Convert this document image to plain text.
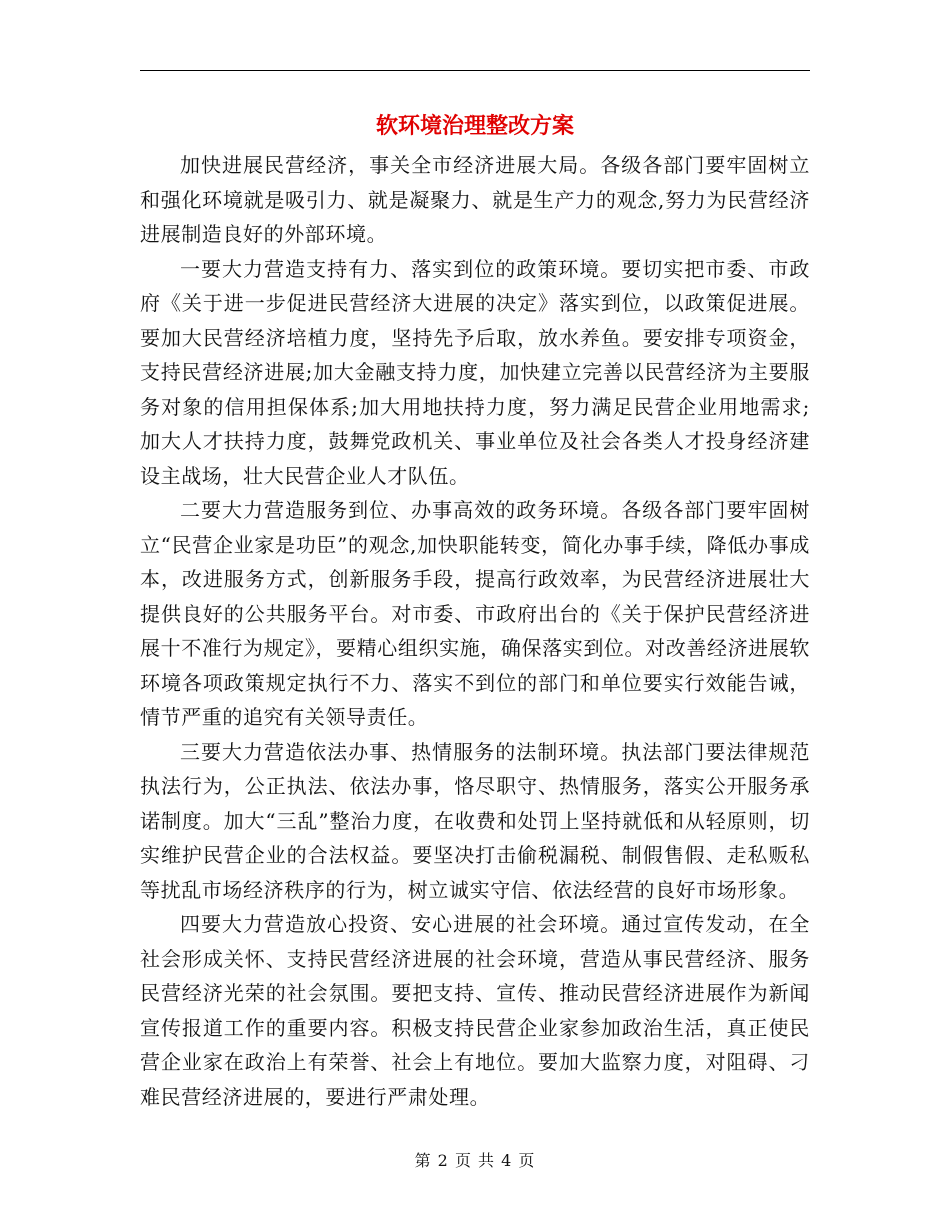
软环境治理整改方案

加快进展民营经济，事关全市经济进展大局。各级各部门要牢固树立和强化环境就是吸引力、就是凝聚力、就是生产力的观念,努力为民营经济进展制造良好的外部环境。

一要大力营造支持有力、落实到位的政策环境。要切实把市委、市政府《关于进一步促进民营经济大进展的决定》落实到位，以政策促进展。要加大民营经济培植力度，坚持先予后取，放水养鱼。要安排专项资金，支持民营经济进展;加大金融支持力度，加快建立完善以民营经济为主要服务对象的信用担保体系;加大用地扶持力度，努力满足民营企业用地需求;加大人才扶持力度，鼓舞党政机关、事业单位及社会各类人才投身经济建设主战场，壮大民营企业人才队伍。

二要大力营造服务到位、办事高效的政务环境。各级各部门要牢固树立“民营企业家是功臣”的观念,加快职能转变，简化办事手续，降低办事成本，改进服务方式，创新服务手段，提高行政效率，为民营经济进展壮大提供良好的公共服务平台。对市委、市政府出台的《关于保护民营经济进展十不准行为规定》，要精心组织实施，确保落实到位。对改善经济进展软环境各项政策规定执行不力、落实不到位的部门和单位要实行效能告诫，情节严重的追究有关领导责任。

三要大力营造依法办事、热情服务的法制环境。执法部门要法律规范执法行为，公正执法、依法办事，恪尽职守、热情服务，落实公开服务承诺制度。加大“三乱”整治力度，在收费和处罚上坚持就低和从轻原则，切实维护民营企业的合法权益。要坚决打击偷税漏税、制假售假、走私贩私等扰乱市场经济秩序的行为，树立诚实守信、依法经营的良好市场形象。

四要大力营造放心投资、安心进展的社会环境。通过宣传发动，在全社会形成关怀、支持民营经济进展的社会环境，营造从事民营经济、服务民营经济光荣的社会氛围。要把支持、宣传、推动民营经济进展作为新闻宣传报道工作的重要内容。积极支持民营企业家参加政治生活，真正使民营企业家在政治上有荣誉、社会上有地位。要加大监察力度，对阻碍、刁难民营经济进展的，要进行严肃处理。

第 2 页 共 4 页
